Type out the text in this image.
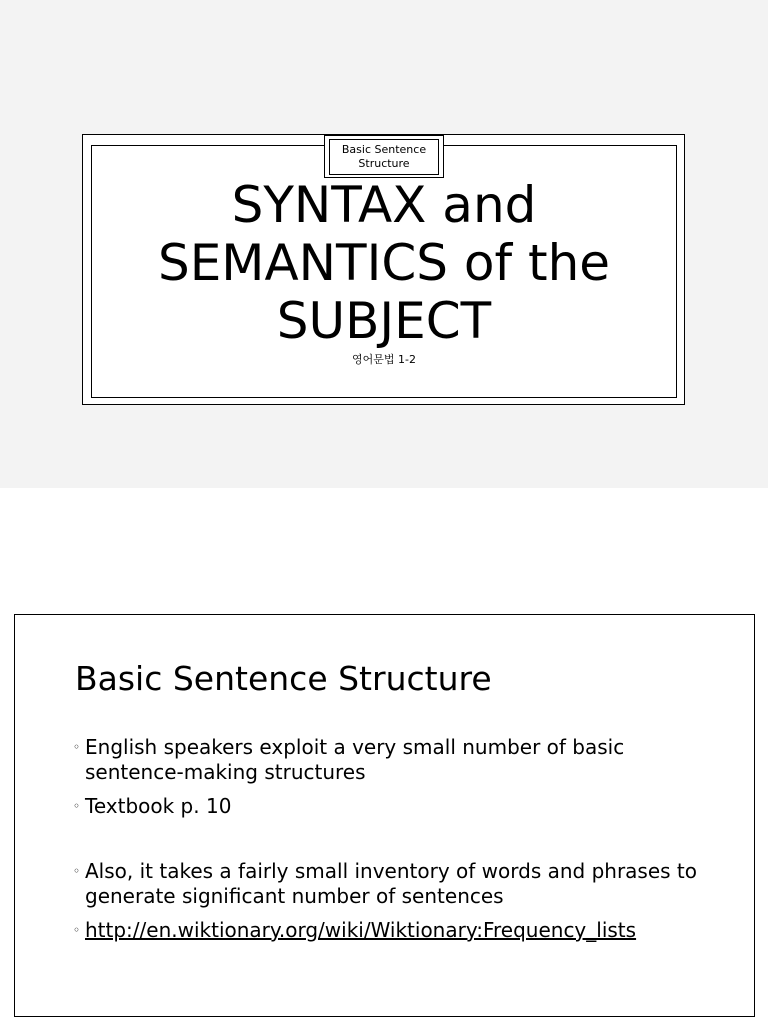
Basic Sentence
Structure
SYNTAX and
SEMANTICS of the
SUBJECT
영어문법 1-2
Basic Sentence Structure
◦ English speakers exploit a very small number of basic sentence-making structures
◦ Textbook p. 10
◦ Also, it takes a fairly small inventory of words and phrases to generate significant number of sentences
◦ http://en.wiktionary.org/wiki/Wiktionary:Frequency_lists
